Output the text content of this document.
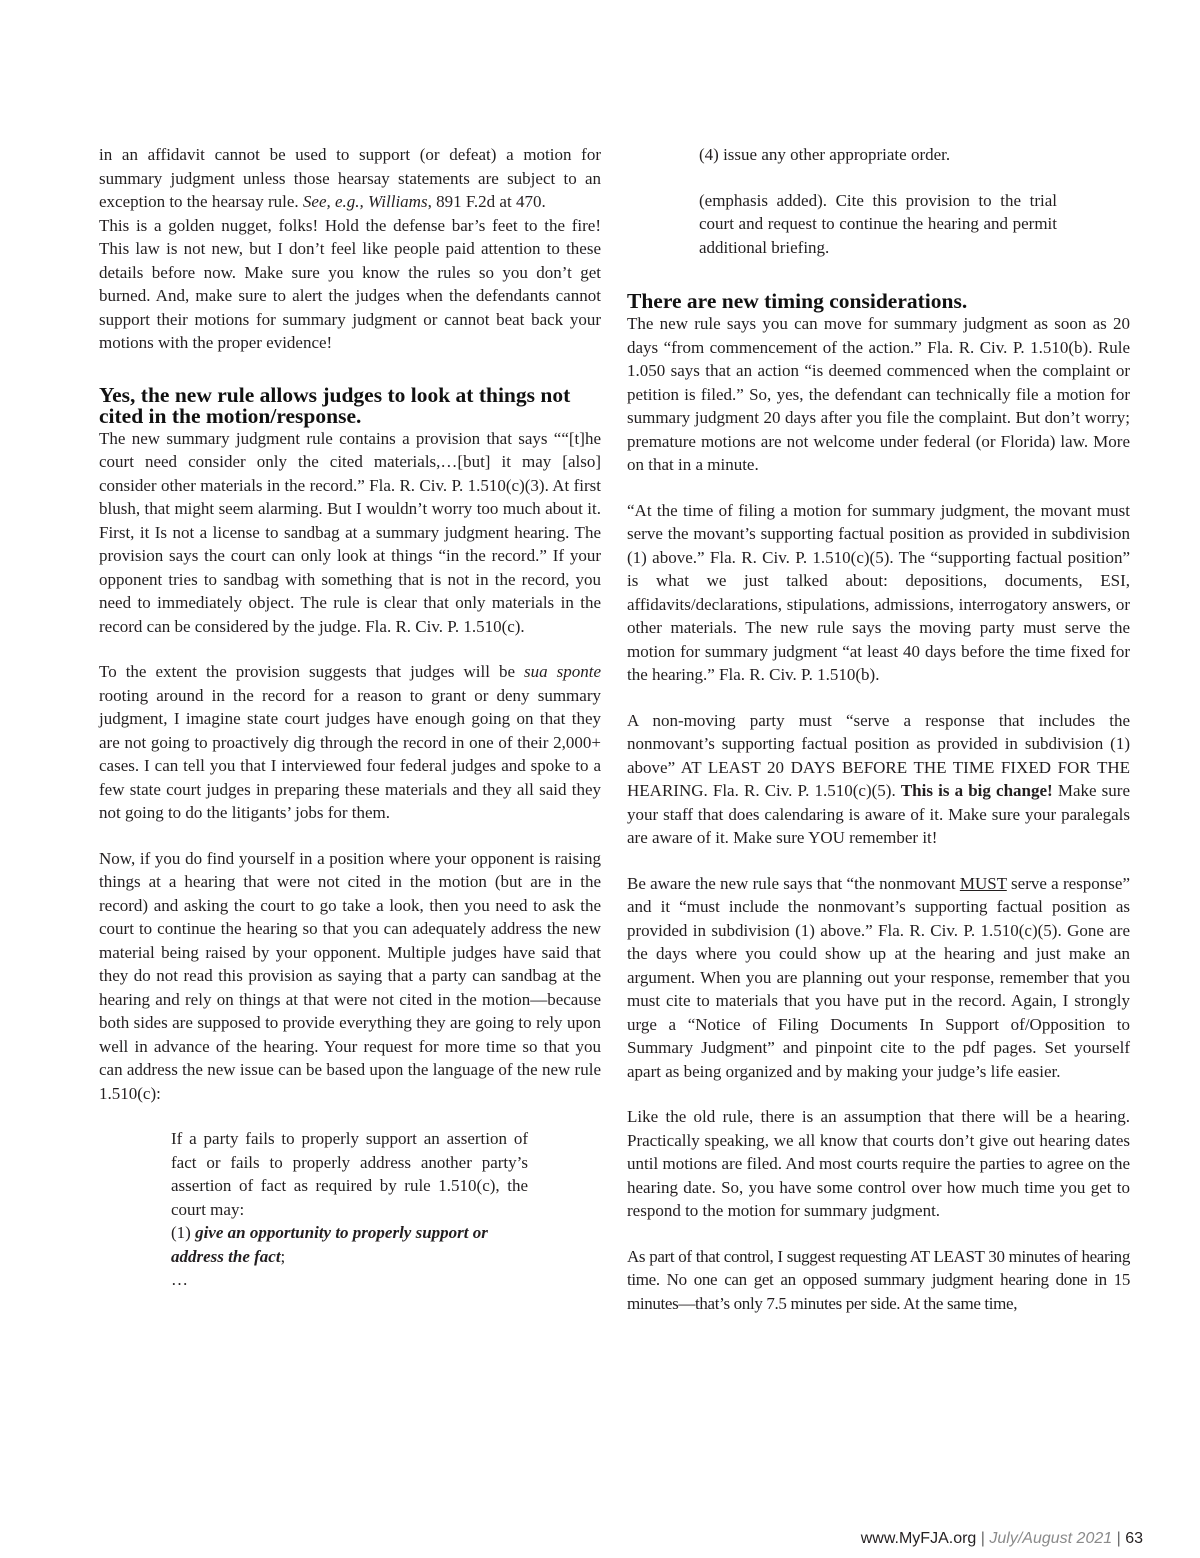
in an affidavit cannot be used to support (or defeat) a motion for summary judgment unless those hearsay statements are subject to an exception to the hearsay rule. See, e.g., Williams, 891 F.2d at 470.

This is a golden nugget, folks! Hold the defense bar’s feet to the fire! This law is not new, but I don’t feel like people paid attention to these details before now. Make sure you know the rules so you don’t get burned. And, make sure to alert the judges when the defendants cannot support their motions for summary judgment or cannot beat back your motions with the proper evidence!

Yes, the new rule allows judges to look at things not cited in the motion/response.

The new summary judgment rule contains a provision that says ““[t]he court need consider only the cited materials,…[but] it may [also] consider other materials in the record.” Fla. R. Civ. P. 1.510(c)(3). At first blush, that might seem alarming. But I wouldn’t worry too much about it. First, it Is not a license to sandbag at a summary judgment hearing. The provision says the court can only look at things “in the record.” If your opponent tries to sandbag with something that is not in the record, you need to immediately object. The rule is clear that only materials in the record can be considered by the judge. Fla. R. Civ. P. 1.510(c).

To the extent the provision suggests that judges will be sua sponte rooting around in the record for a reason to grant or deny summary judgment, I imagine state court judges have enough going on that they are not going to proactively dig through the record in one of their 2,000+ cases. I can tell you that I interviewed four federal judges and spoke to a few state court judges in preparing these materials and they all said they not going to do the litigants’ jobs for them.

Now, if you do find yourself in a position where your opponent is raising things at a hearing that were not cited in the motion (but are in the record) and asking the court to go take a look, then you need to ask the court to continue the hearing so that you can adequately address the new material being raised by your opponent. Multiple judges have said that they do not read this provision as saying that a party can sandbag at the hearing and rely on things at that were not cited in the motion—because both sides are supposed to provide everything they are going to rely upon well in advance of the hearing. Your request for more time so that you can address the new issue can be based upon the language of the new rule 1.510(c):

If a party fails to properly support an assertion of fact or fails to properly address another party’s assertion of fact as required by rule 1.510(c), the court may:

(1) give an opportunity to properly support or address the fact;

…

(4) issue any other appropriate order.

(emphasis added). Cite this provision to the trial court and request to continue the hearing and permit additional briefing.

There are new timing considerations.

The new rule says you can move for summary judgment as soon as 20 days “from commencement of the action.” Fla. R. Civ. P. 1.510(b). Rule 1.050 says that an action “is deemed commenced when the complaint or petition is filed.” So, yes, the defendant can technically file a motion for summary judgment 20 days after you file the complaint. But don’t worry; premature motions are not welcome under federal (or Florida) law. More on that in a minute.

“At the time of filing a motion for summary judgment, the movant must serve the movant’s supporting factual position as provided in subdivision (1) above.” Fla. R. Civ. P. 1.510(c)(5). The “supporting factual position” is what we just talked about: depositions, documents, ESI, affidavits/declarations, stipulations, admissions, interrogatory answers, or other materials. The new rule says the moving party must serve the motion for summary judgment “at least 40 days before the time fixed for the hearing.” Fla. R. Civ. P. 1.510(b).

A non-moving party must “serve a response that includes the nonmovant’s supporting factual position as provided in subdivision (1) above” AT LEAST 20 DAYS BEFORE THE TIME FIXED FOR THE HEARING. Fla. R. Civ. P. 1.510(c)(5). This is a big change! Make sure your staff that does calendaring is aware of it. Make sure your paralegals are aware of it. Make sure YOU remember it!

Be aware the new rule says that “the nonmovant MUST serve a response” and it “must include the nonmovant’s supporting factual position as provided in subdivision (1) above.” Fla. R. Civ. P. 1.510(c)(5). Gone are the days where you could show up at the hearing and just make an argument. When you are planning out your response, remember that you must cite to materials that you have put in the record. Again, I strongly urge a “Notice of Filing Documents In Support of/Opposition to Summary Judgment” and pinpoint cite to the pdf pages. Set yourself apart as being organized and by making your judge’s life easier.

Like the old rule, there is an assumption that there will be a hearing. Practically speaking, we all know that courts don’t give out hearing dates until motions are filed. And most courts require the parties to agree on the hearing date. So, you have some control over how much time you get to respond to the motion for summary judgment.

As part of that control, I suggest requesting AT LEAST 30 minutes of hearing time. No one can get an opposed summary judgment hearing done in 15 minutes—that’s only 7.5 minutes per side. At the same time,

www.MyFJA.org | July/August 2021 | 63
